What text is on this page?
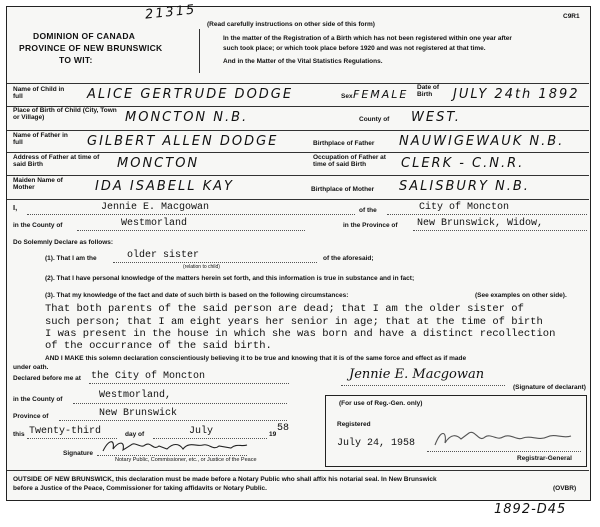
21315	C9R1
DOMINION OF CANADA
PROVINCE OF NEW BRUNSWICK
TO WIT:
(Read carefully instructions on other side of this form)
In the matter of the Registration of a Birth which has not been registered within one year after
such took place; or which took place before 1920 and was not registered at that time.
And in the Matter of the Vital Statistics Regulations.
Name of Child in full	ALICE GERTRUDE DODGE	Sex FEMALE
Date of Birth	JULY 24th 1892
Place of Birth of Child (City, Town or Village)	MONCTON N.B.	County of WEST.
Name of Father in full	GILBERT ALLEN DODGE	Birthplace of Father NAUWIGEWAUK N.B.
Address of Father at time of said Birth	MONCTON	Occupation of Father at time of said Birth	CLERK - C.N.R.
Maiden Name of Mother	IDA ISABELL KAY	Birthplace of Mother SALISBURY N.B.
I,	Jennie E. Macgowan	of the	City of Moncton
in the County of	Westmorland	in the Province of New Brunswick, Widow,
Do Solemnly Declare as follows:
(1). That I am the	older sister	of the aforesaid;
(relation to child)
(2). That I have personal knowledge of the matters herein set forth, and this information is true in substance and in fact;
(3). That my knowledge of the fact and date of such birth is based on the following circumstances:	(See examples on other side).
That both parents of the said person are dead; that I am the older sister of
such person; that I am eight years her senior in age; that at the time of birth
I was present in the house in which she was born and have a distinct recollection
of the occurrance of the said birth.
AND I MAKE this solemn declaration conscientiously believing it to be true and knowing that it is of the same force and effect as if made
under oath.
Declared before me at the City of Moncton	Jennie E. Macgowan
(Signature of declarant)
in the County of	Westmorland,
Province of	New Brunswick
this Twenty-third	day of	July	19
58
Signature
Notary Public, Commissioner, etc., or Justice of the Peace
(For use of Reg.-Gen. only)
Registered
July 24, 1958
Registrar-General
OUTSIDE OF NEW BRUNSWICK, this declaration must be made before a Notary Public who shall affix his notarial seal. In New Brunswick
before a Justice of the Peace, Commissioner for taking affidavits or Notary Public.	(OVBR)
1892-D45
